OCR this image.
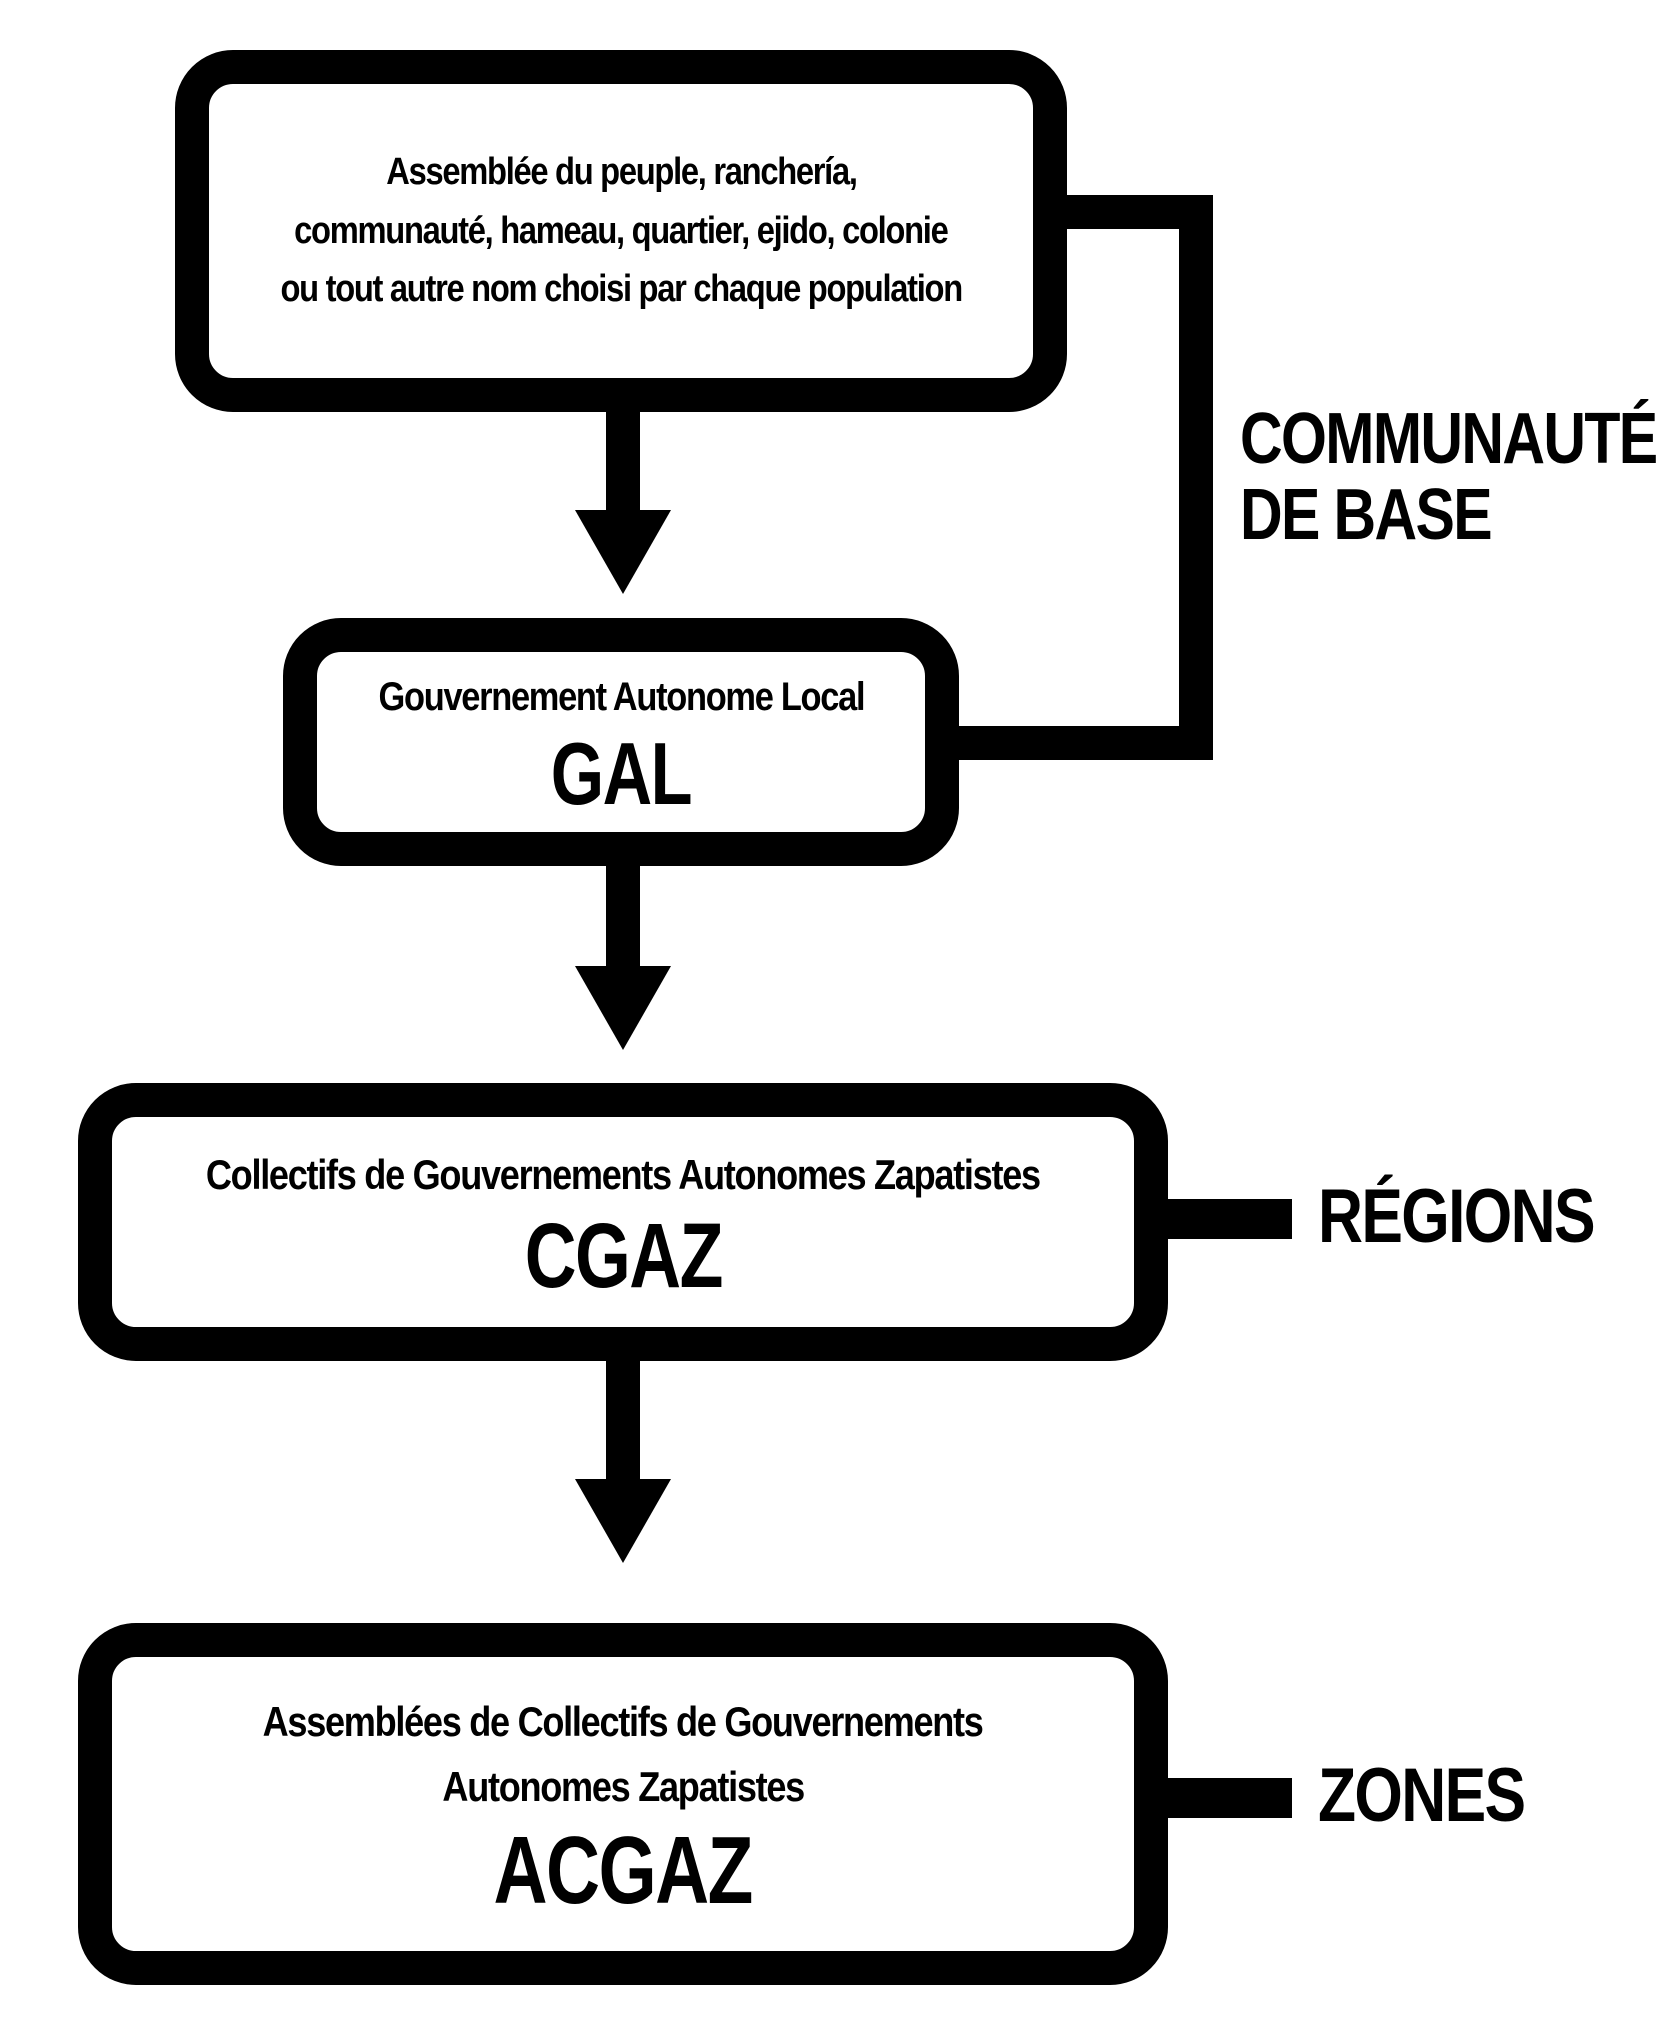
Assemblée du peuple, ranchería,
communauté, hameau, quartier, ejido, colonie
ou tout autre nom choisi par chaque population
Gouvernement Autonome Local
GAL
Collectifs de Gouvernements Autonomes Zapatistes
CGAZ
Assemblées de Collectifs de Gouvernements
Autonomes Zapatistes
ACGAZ
COMMUNAUTÉ
DE BASE
RÉGIONS
ZONES
